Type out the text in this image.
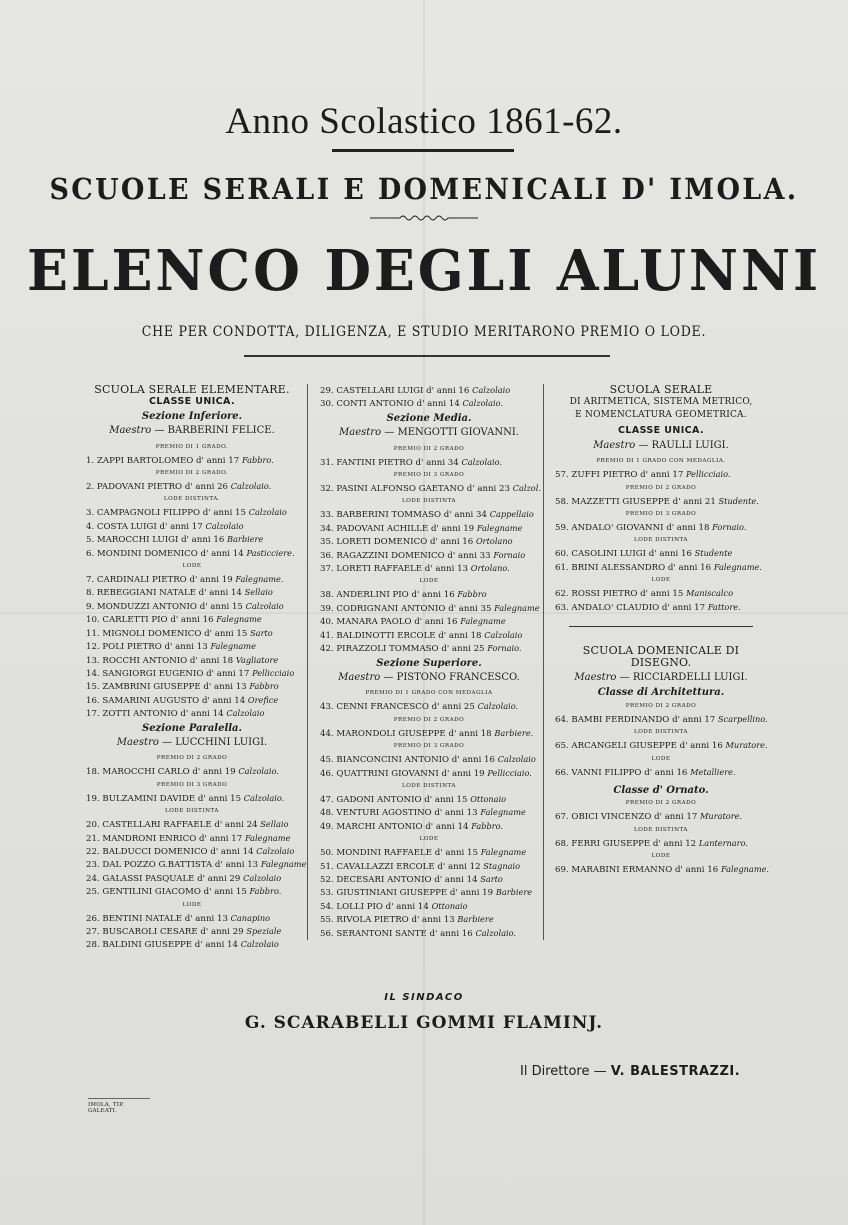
Anno Scolastico 1861-62.
SCUOLE SERALI E DOMENICALI D' IMOLA.
ELENCO DEGLI ALUNNI
CHE PER CONDOTTA, DILIGENZA, E STUDIO MERITARONO PREMIO O LODE.
SCUOLA SERALE ELEMENTARE.
CLASSE UNICA.
Sezione Inferiore.
Maestro — BARBERINI FELICE.
PREMIO DI 1 GRADO.
1. ZAPPI BARTOLOMEO d' anni 17 Fabbro.
PREMIO DI 2 GRADO.
2. PADOVANI PIETRO d' anni 26 Calzolaio.
LODE DISTINTA.
3. CAMPAGNOLI FILIPPO d' anni 15 Calzolaio
4. COSTA LUIGI d' anni 17 Calzolaio
5. MAROCCHI LUIGI d' anni 16 Barbiere
6. MONDINI DOMENICO d' anni 14 Pasticciere.
LODE
7. CARDINALI PIETRO d' anni 19 Falegname.
8. REBEGGIANI NATALE d' anni 14 Sellaio
9. MONDUZZI ANTONIO d' anni 15 Calzolaio
10. CARLETTI PIO d' anni 16 Falegname
11. MIGNOLI DOMENICO d' anni 15 Sarto
12. POLI PIETRO d' anni 13 Falegname
13. ROCCHI ANTONIO d' anni 18 Vagliatore
14. SANGIORGI EUGENIO d' anni 17 Pellicciaio
15. ZAMBRINI GIUSEPPE d' anni 13 Fabbro
16. SAMARINI AUGUSTO d' anni 14 Orefice
17. ZOTTI ANTONIO d' anni 14 Calzolaio
Sezione Paralella.
Maestro — LUCCHINI LUIGI.
PREMIO DI 2 GRADO
18. MAROCCHI CARLO d' anni 19 Calzolaio.
PREMIO DI 3 GRADO
19. BULZAMINI DAVIDE d' anni 15 Calzolaio.
LODE DISTINTA
20. CASTELLARI RAFFAELE d' anni 24 Sellaio
21. MANDRONI ENRICO d' anni 17 Falegname
22. BALDUCCI DOMENICO d' anni 14 Calzolaio
23. DAL POZZO G.BATTISTA d' anni 13 Falegname
24. GALASSI PASQUALE d' anni 29 Calzolaio
25. GENTILINI GIACOMO d' anni 15 Fabbro.
LODE
26. BENTINI NATALE d' anni 13 Canapino
27. BUSCAROLI CESARE d' anni 29 Speziale
28. BALDINI GIUSEPPE d' anni 14 Calzolaio
29. CASTELLARI LUIGI d' anni 16 Calzolaio
30. CONTI ANTONIO d' anni 14 Calzolaio.
Sezione Media.
Maestro — MENGOTTI GIOVANNI.
PREMIO DI 2 GRADO
31. FANTINI PIETRO d' anni 34 Calzolaio.
PREMIO DI 3 GRADO
32. PASINI ALFONSO GAETANO d' anni 23 Calzol.
LODE DISTINTA
33. BARBERINI TOMMASO d' anni 34 Cappellaio
34. PADOVANI ACHILLE d' anni 19 Falegname
35. LORETI DOMENICO d' anni 16 Ortolano
36. RAGAZZINI DOMENICO d' anni 33 Fornaio
37. LORETI RAFFAELE d' anni 13 Ortolano.
LODE
38. ANDERLINI PIO d' anni 16 Fabbro
39. CODRIGNANI ANTONIO d' anni 35 Falegname
40. MANARA PAOLO d' anni 16 Falegname
41. BALDINOTTI ERCOLE d' anni 18 Calzolaio
42. PIRAZZOLI TOMMASO d' anni 25 Fornaio.
Sezione Superiore.
Maestro — PISTONO FRANCESCO.
PREMIO DI 1 GRADO CON MEDAGLIA
43. CENNI FRANCESCO d' anni 25 Calzolaio.
PREMIO DI 2 GRADO
44. MARONDOLI GIUSEPPE d' anni 18 Barbiere.
PREMIO DI 3 GRADO
45. BIANCONCINI ANTONIO d' anni 16 Calzolaio
46. QUATTRINI GIOVANNI d' anni 19 Pellicciaio.
LODE DISTINTA
47. GADONI ANTONIO d' anni 15 Ottonaio
48. VENTURI AGOSTINO d' anni 13 Falegname
49. MARCHI ANTONIO d' anni 14 Fabbro.
LODE
50. MONDINI RAFFAELE d' anni 15 Falegname
51. CAVALLAZZI ERCOLE d' anni 12 Stagnaio
52. DECESARI ANTONIO d' anni 14 Sarto
53. GIUSTINIANI GIUSEPPE d' anni 19 Barbiere
54. LOLLI PIO d' anni 14 Ottonaio
55. RIVOLA PIETRO d' anni 13 Barbiere
56. SERANTONI SANTE d' anni 16 Calzolaio.
SCUOLA SERALE
DI ARITMETICA, SISTEMA METRICO,
E NOMENCLATURA GEOMETRICA.
CLASSE UNICA.
Maestro — RAULLI LUIGI.
PREMIO DI 1 GRADO CON MEDAGLIA.
57. ZUFFI PIETRO d' anni 17 Pellicciaio.
PREMIO DI 2 GRADO
58. MAZZETTI GIUSEPPE d' anni 21 Studente.
PREMIO DI 3 GRADO
59. ANDALO' GIOVANNI d' anni 18 Fornaio.
LODE DISTINTA
60. CASOLINI LUIGI d' anni 16 Studente
61. BRINI ALESSANDRO d' anni 16 Falegname.
LODE
62. ROSSI PIETRO d' anni 15 Maniscalco
63. ANDALO' CLAUDIO d' anni 17 Fattore.
SCUOLA DOMENICALE DI DISEGNO.
Maestro — RICCIARDELLI LUIGI.
Classe di Architettura.
PREMIO DI 2 GRADO
64. BAMBI FERDINANDO d' anni 17 Scarpellino.
LODE DISTINTA
65. ARCANGELI GIUSEPPE d' anni 16 Muratore.
LODE
66. VANNI FILIPPO d' anni 16 Metalliere.
Classe d' Ornato.
PREMIO DI 2 GRADO
67. OBICI VINCENZO d' anni 17 Muratore.
LODE DISTINTA
68. FERRI GIUSEPPE d' anni 12 Lanternaro.
LODE
69. MARABINI ERMANNO d' anni 16 Falegname.
IL SINDACO
G. SCARABELLI GOMMI FLAMINJ.
Il Direttore — V. BALESTRAZZI.
IMOLA, TIP. GALEATI.
